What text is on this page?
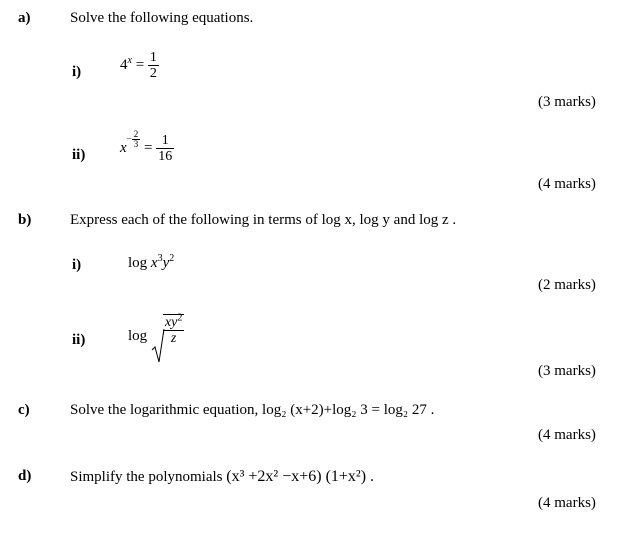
a)	Solve the following equations.
i)	$4^x = \frac{1}{2}$
(3 marks)
ii) $x- \frac{2}{3} = \frac{1}{16}$
(4 marks)
b)	Express each of the following in terms of log x, log y and log z .
i)	$\log x^3y^2$
(2 marks)
ii)	$\log \frac{xy^2}{z}$
(3 marks)
c)	Solve the logarithmic equation, log₂ (x+2)+log₂ 3 = log₂ 27 .
(4 marks)
d)	Simplify the polynomials (x³ +2x² −x+6) (1+x²) .
(4 marks)
